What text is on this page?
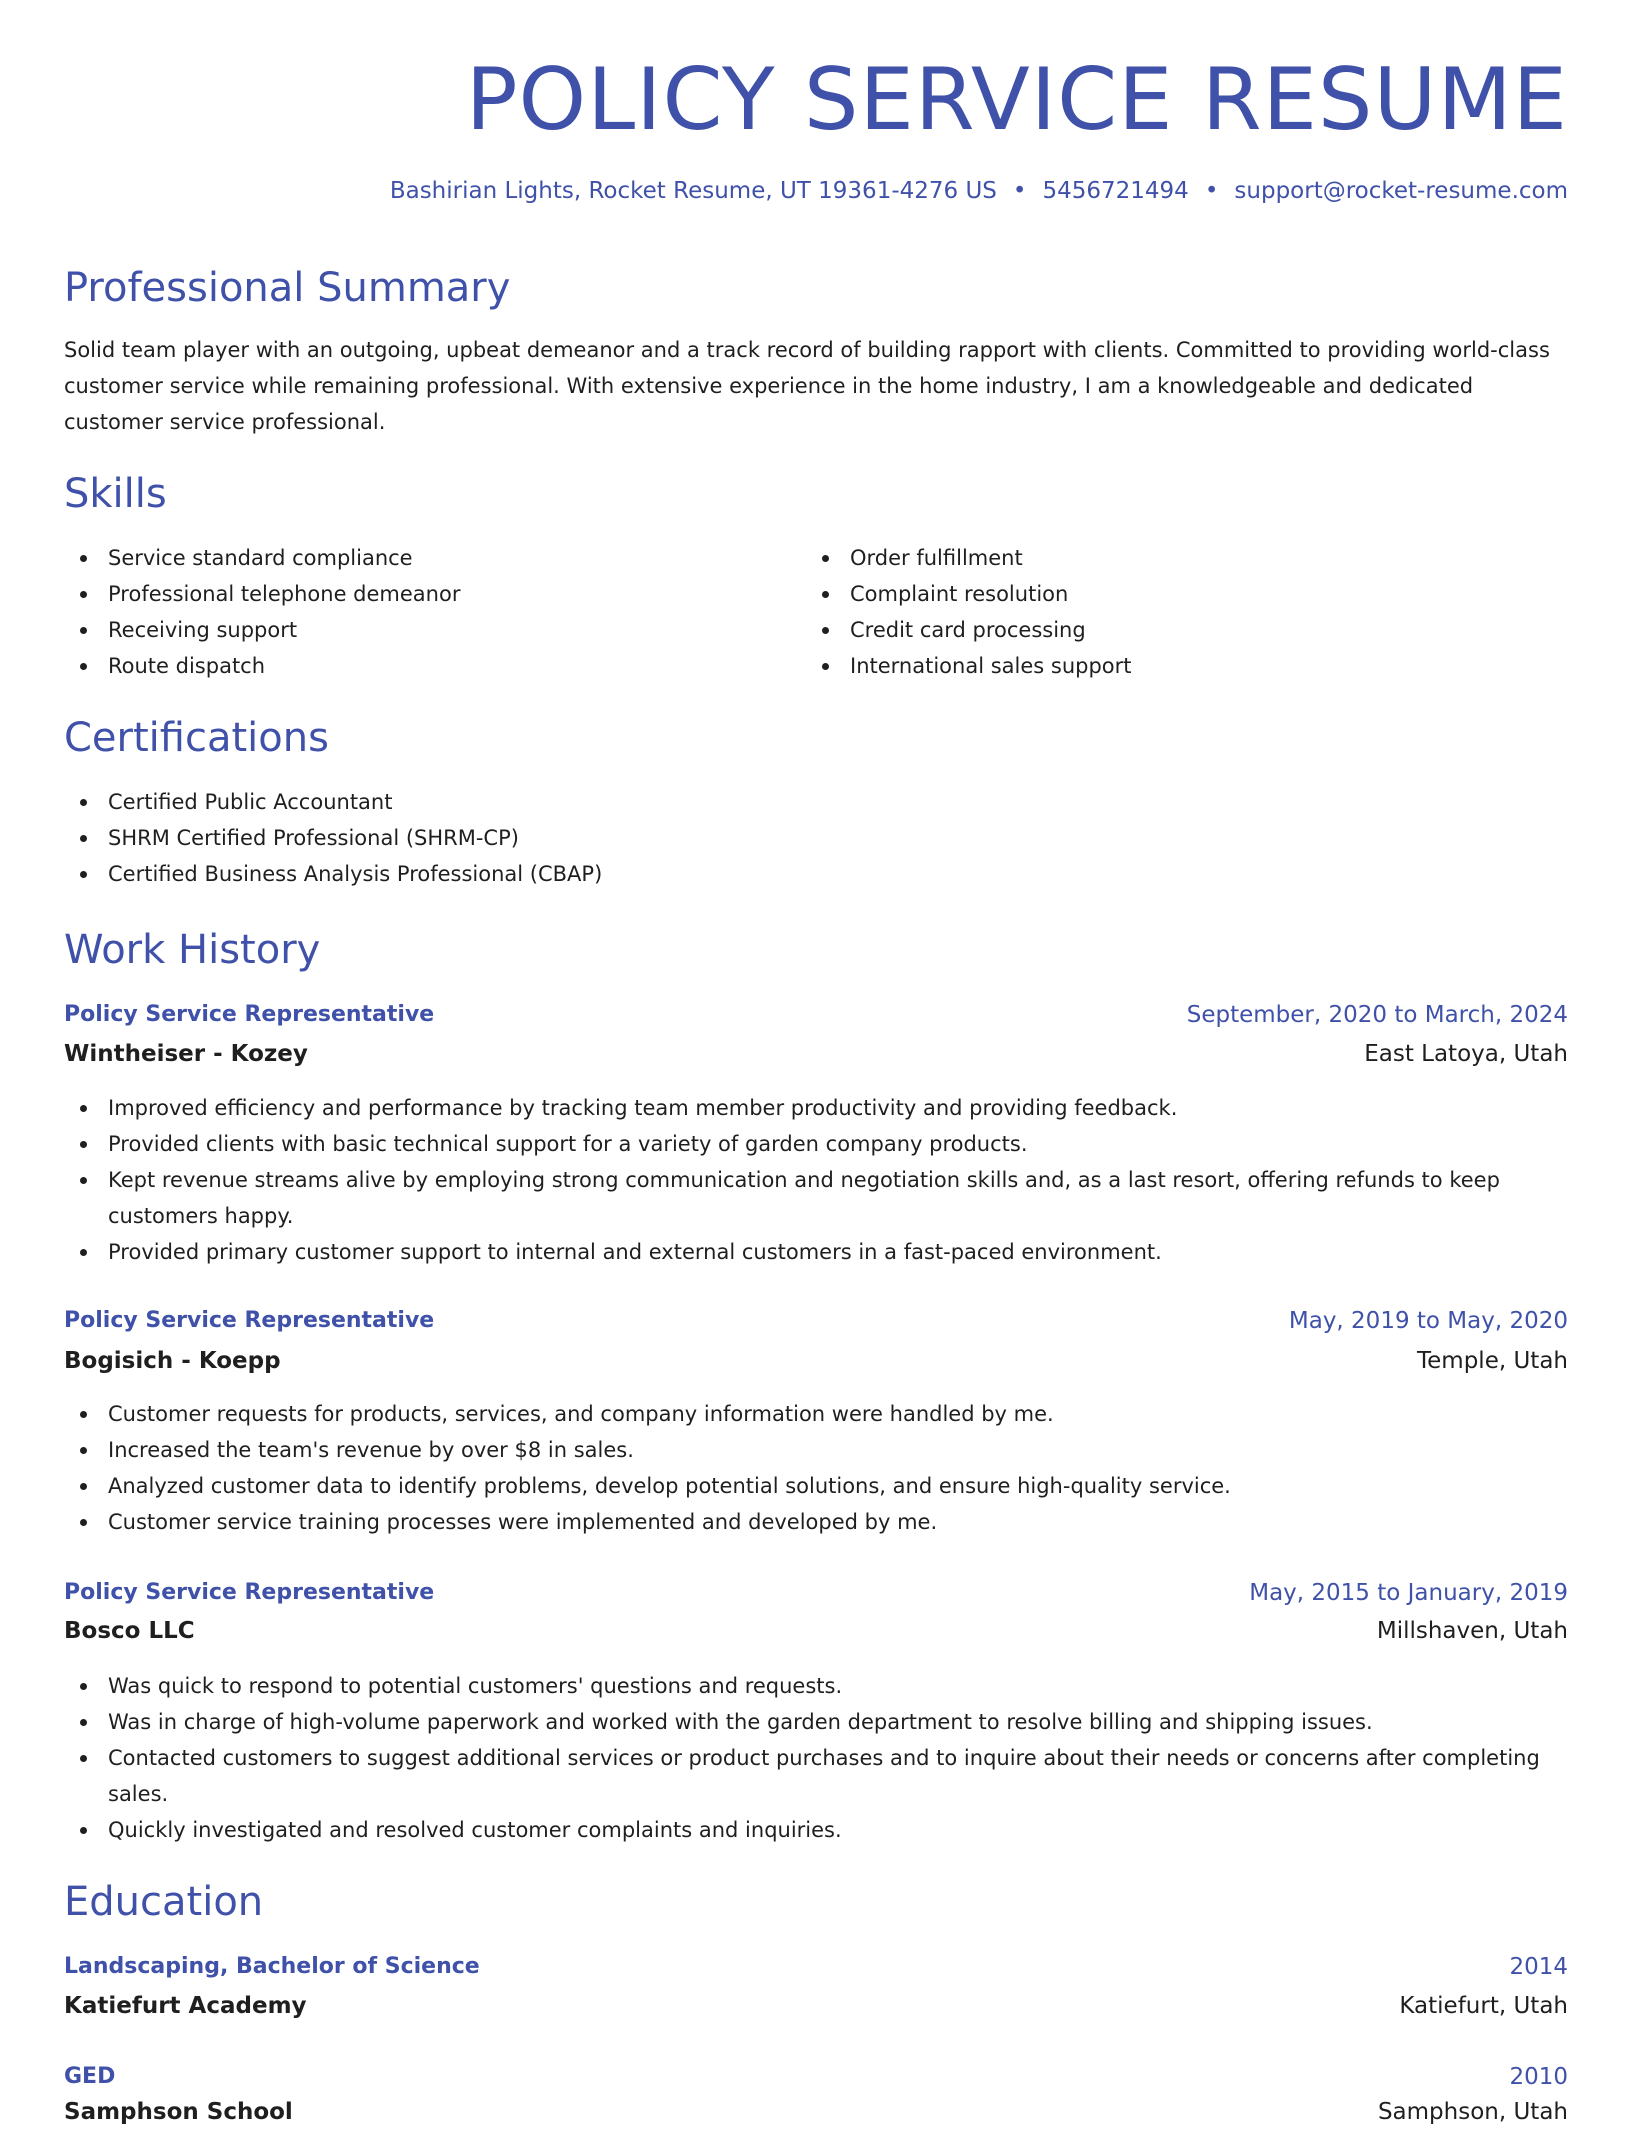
POLICY SERVICE RESUME
Bashirian Lights, Rocket Resume, UT 19361-4276 US • 5456721494 • support@rocket-resume.com
Professional Summary

Solid team player with an outgoing, upbeat demeanor and a track record of building rapport with clients. Committed to providing world-class customer service while remaining professional. With extensive experience in the home industry, I am a knowledgeable and dedicated customer service professional.

Skills
Service standard compliance
Professional telephone demeanor
Receiving support
Route dispatch
Order fulfillment
Complaint resolution
Credit card processing
International sales support
Certifications
Certified Public Accountant
SHRM Certified Professional (SHRM-CP)
Certified Business Analysis Professional (CBAP)
Work History
Policy Service Representative	September, 2020 to March, 2024
Wintheiser - Kozey	East Latoya, Utah
Improved efficiency and performance by tracking team member productivity and providing feedback.
Provided clients with basic technical support for a variety of garden company products.
Kept revenue streams alive by employing strong communication and negotiation skills and, as a last resort, offering refunds to keep customers happy.
Provided primary customer support to internal and external customers in a fast-paced environment.
Policy Service Representative	May, 2019 to May, 2020
Bogisich - Koepp	Temple, Utah
Customer requests for products, services, and company information were handled by me.
Increased the team's revenue by over $8 in sales.
Analyzed customer data to identify problems, develop potential solutions, and ensure high-quality service.
Customer service training processes were implemented and developed by me.
Policy Service Representative	May, 2015 to January, 2019
Bosco LLC	Millshaven, Utah
Was quick to respond to potential customers' questions and requests.
Was in charge of high-volume paperwork and worked with the garden department to resolve billing and shipping issues.
Contacted customers to suggest additional services or product purchases and to inquire about their needs or concerns after completing sales.
Quickly investigated and resolved customer complaints and inquiries.
Education
Landscaping, Bachelor of Science	2014
Katiefurt Academy	Katiefurt, Utah
GED	2010
Samphson School	Samphson, Utah
